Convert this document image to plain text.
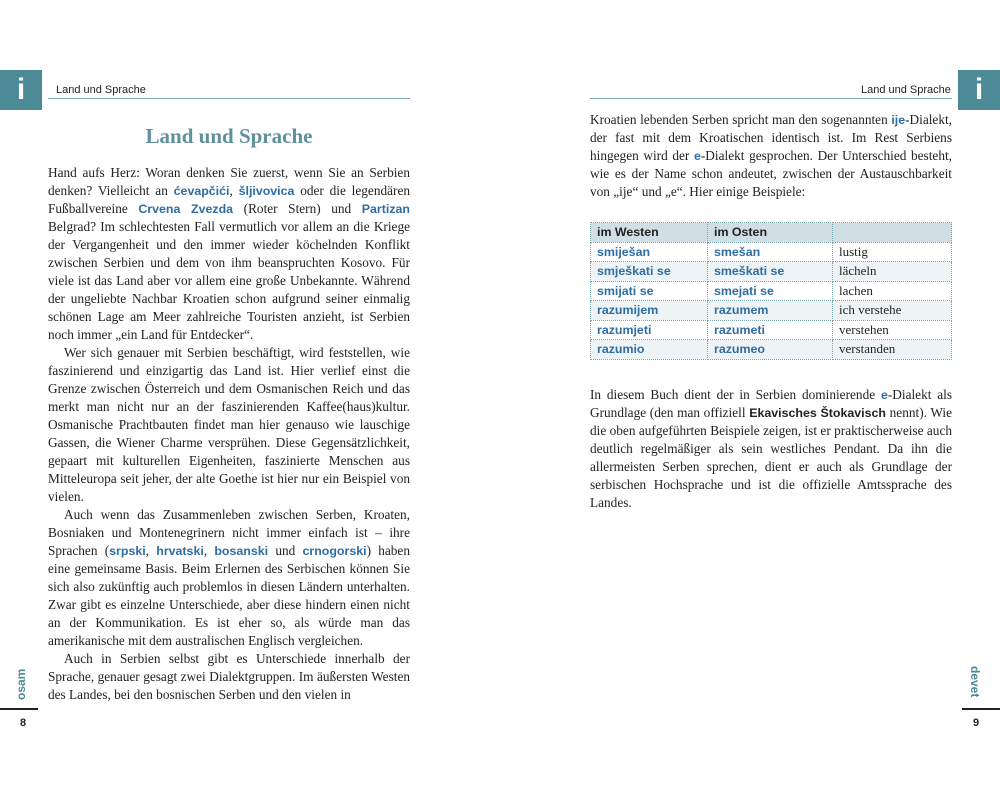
i	Land und Sprache
Land und Sprache

Hand aufs Herz: Woran denken Sie zuerst, wenn Sie an Serbien denken? Vielleicht an ćevapčići, šljivovica oder die legendären Fußballvereine Crvena Zvezda (Roter Stern) und Partizan Belgrad? Im schlechtesten Fall vermutlich vor allem an die Kriege der Vergangenheit und den immer wieder köchelnden Konflikt zwischen Serbien und dem von ihm beanspruchten Kosovo. Für viele ist das Land aber vor allem eine große Unbekannte. Während der ungeliebte Nachbar Kroatien schon aufgrund seiner einmalig schönen Lage am Meer zahlreiche Touristen anzieht, ist Serbien noch immer „ein Land für Entdecker“.

Wer sich genauer mit Serbien beschäftigt, wird feststellen, wie faszinierend und einzigartig das Land ist. Hier verlief einst die Grenze zwischen Österreich und dem Osmanischen Reich und das merkt man nicht nur an der faszinierenden Kaffee(haus)kultur. Osmanische Prachtbauten findet man hier genauso wie lauschige Gassen, die Wiener Charme versprühen. Diese Gegensätzlichkeit, gepaart mit kulturellen Eigenheiten, faszinierte Menschen aus Mitteleuropa seit jeher, der alte Goethe ist hier nur ein Beispiel von vielen.

Auch wenn das Zusammenleben zwischen Serben, Kroaten, Bosniaken und Montenegrinern nicht immer einfach ist – ihre Sprachen (srpski, hrvatski, bosanski und crnogorski) haben eine gemeinsame Basis. Beim Erlernen des Serbischen können Sie sich also zukünftig auch problemlos in diesen Ländern unterhalten. Zwar gibt es einzelne Unterschiede, aber diese hindern einen nicht an der Kommunikation. Es ist eher so, als würde man das amerikanische mit dem australischen Englisch vergleichen.

Auch in Serbien selbst gibt es Unterschiede innerhalb der Sprache, genauer gesagt zwei Dialektgruppen. Im äußersten Westen des Landes, bei den bosnischen Serben und den vielen in

osam
8
Land und Sprache i
Kroatien lebenden Serben spricht man den sogenannten ije-Dialekt, der fast mit dem Kroatischen identisch ist. Im Rest Serbiens hingegen wird der e-Dialekt gesprochen. Der Unterschied besteht, wie es der Name schon andeutet, zwischen der Austauschbarkeit von „ije“ und „e“. Hier einige Beispiele:
im Westen	im Osten	
smiješan	smešan	lustig
smješkati se	smeškati se	lächeln
smijati se	smejati se	lachen
razumijem	razumem	ich verstehe
razumjeti	razumeti	verstehen
razumio	razumeo	verstanden
In diesem Buch dient der in Serbien dominierende e-Dialekt als Grundlage (den man offiziell Ekavisches Štokavisch nennt). Wie die oben aufgeführten Beispiele zeigen, ist er praktischerweise auch deutlich regelmäßiger als sein westliches Pendant. Da ihn die allermeisten Serben sprechen, dient er auch als Grundlage der serbischen Hochsprache und ist die offizielle Amtssprache des Landes.
devet
9
